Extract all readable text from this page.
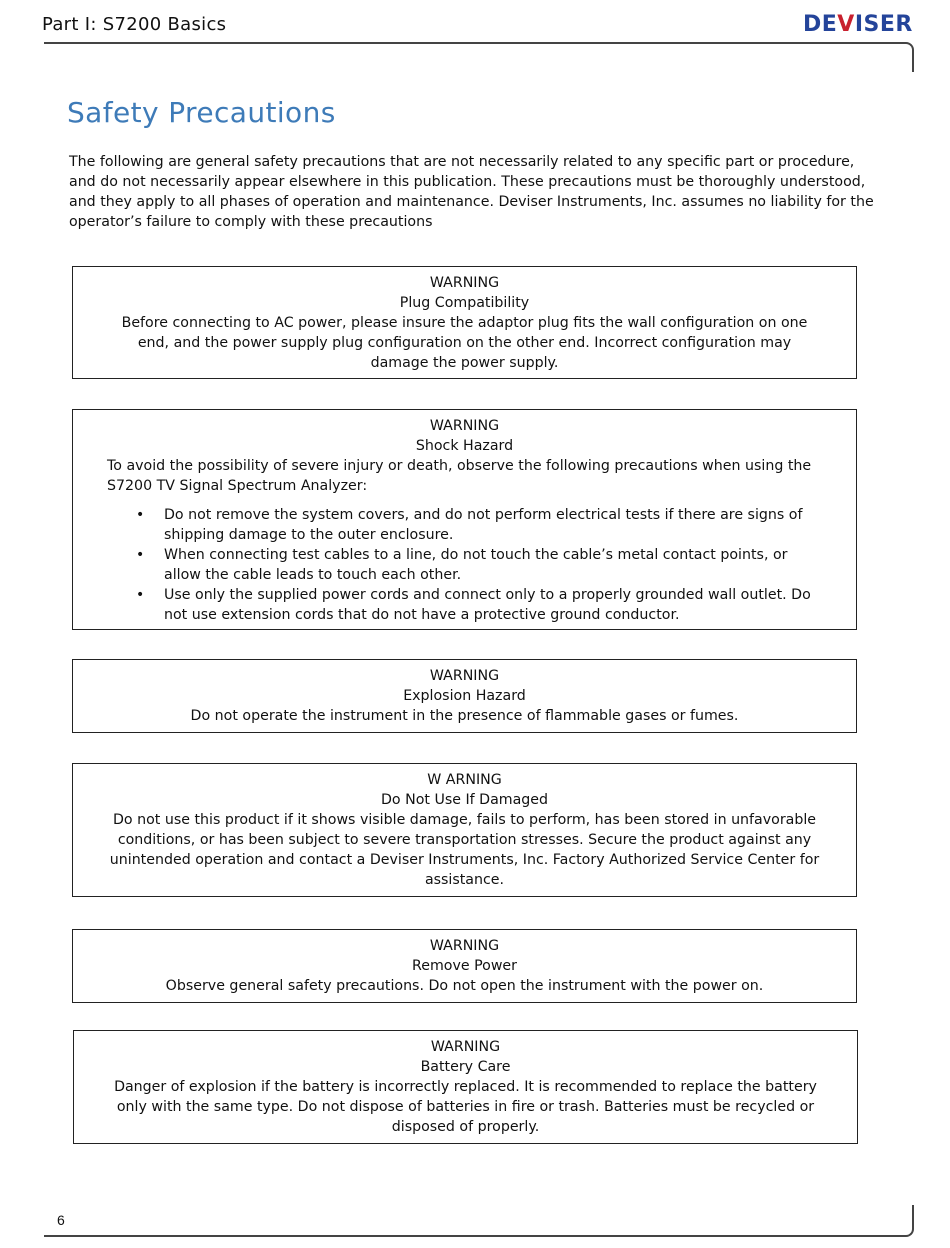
Part I: S7200 Basics	DEVISER
Safety Precautions

The following are general safety precautions that are not necessarily related to any specific part or procedure, and do not necessarily appear elsewhere in this publication. These precautions must be thoroughly understood, and they apply to all phases of operation and maintenance. Deviser Instruments, Inc. assumes no liability for the operator’s failure to comply with these precautions

WARNING

Plug Compatibility

Before connecting to AC power, please insure the adaptor plug fits the wall configuration on one end, and the power supply plug configuration on the other end. Incorrect configuration may damage the power supply.

WARNING

Shock Hazard

To avoid the possibility of severe injury or death, observe the following precautions when using the S7200 TV Signal Spectrum Analyzer:

• Do not remove the system covers, and do not perform electrical tests if there are signs of shipping damage to the outer enclosure.
• When connecting test cables to a line, do not touch the cable’s metal contact points, or allow the cable leads to touch each other.
• Use only the supplied power cords and connect only to a properly grounded wall outlet. Do not use extension cords that do not have a protective ground conductor.

WARNING

Explosion Hazard

Do not operate the instrument in the presence of flammable gases or fumes.

W ARNING

Do Not Use If Damaged

Do not use this product if it shows visible damage, fails to perform, has been stored in unfavorable conditions, or has been subject to severe transportation stresses. Secure the product against any unintended operation and contact a Deviser Instruments, Inc. Factory Authorized Service Center for assistance.

WARNING

Remove Power

Observe general safety precautions. Do not open the instrument with the power on.

WARNING

Battery Care

Danger of explosion if the battery is incorrectly replaced. It is recommended to replace the battery only with the same type. Do not dispose of batteries in fire or trash. Batteries must be recycled or disposed of properly.

6
